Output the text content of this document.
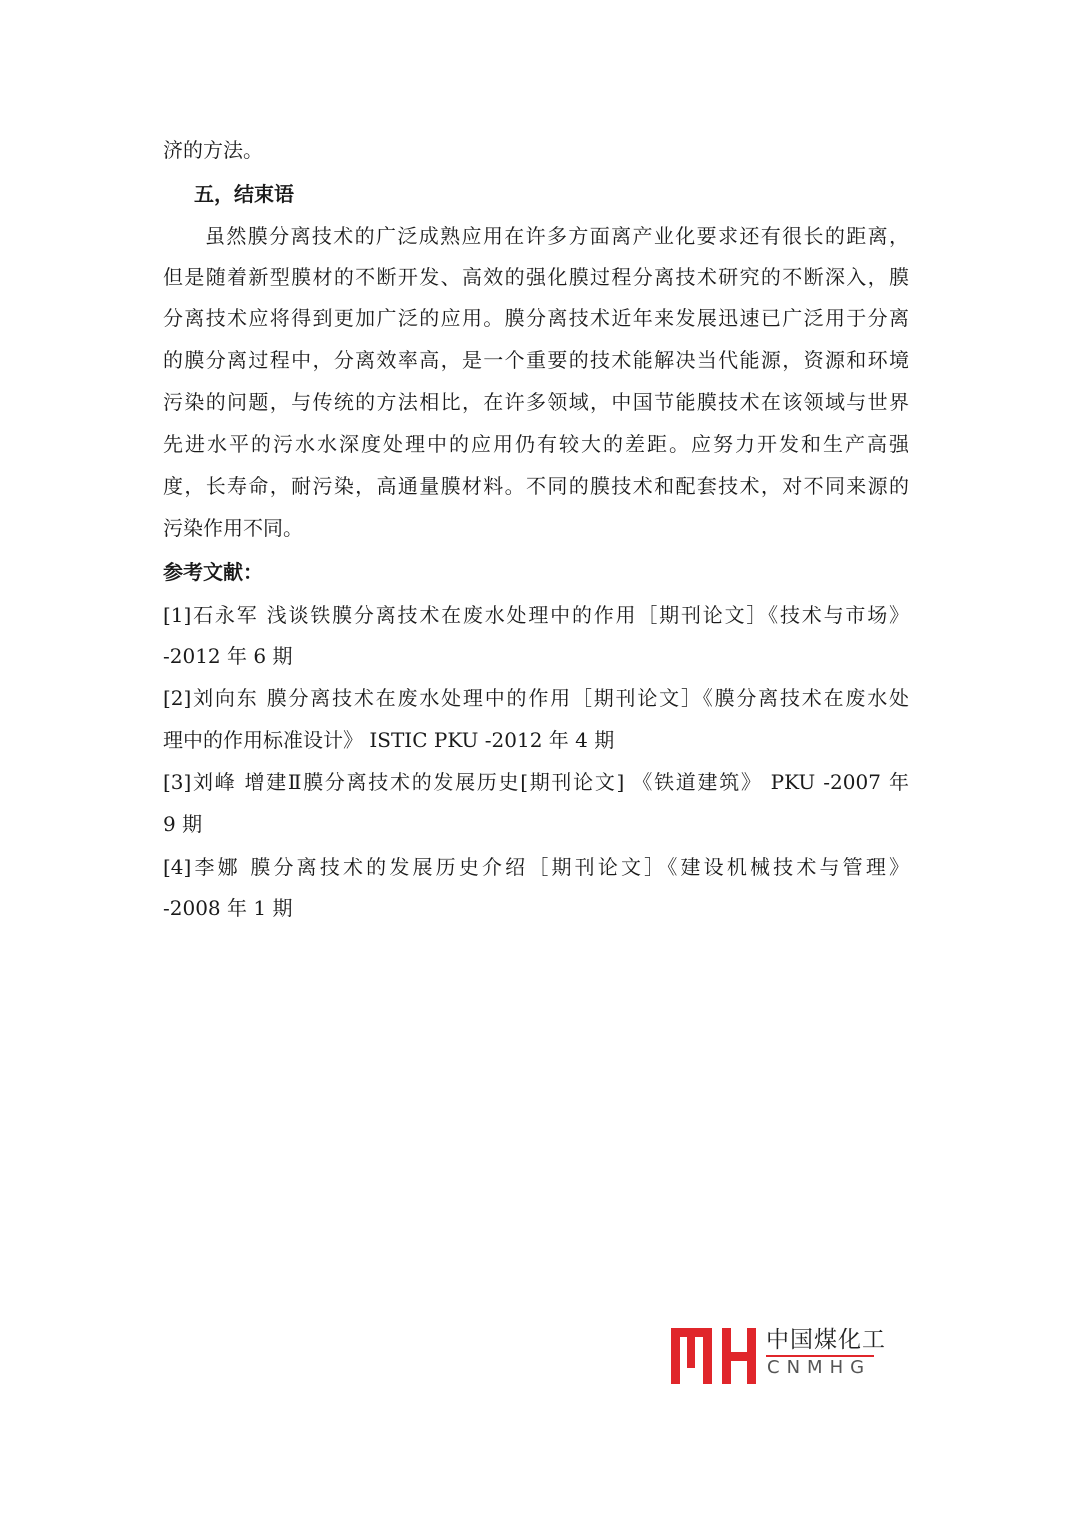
济的方法。
五，结束语
虽然膜分离技术的广泛成熟应用在许多方面离产业化要求还有很长的距离，
但是随着新型膜材的不断开发、高效的强化膜过程分离技术研究的不断深入，膜
分离技术应将得到更加广泛的应用。膜分离技术近年来发展迅速已广泛用于分离
的膜分离过程中，分离效率高，是一个重要的技术能解决当代能源，资源和环境
污染的问题，与传统的方法相比，在许多领域，中国节能膜技术在该领域与世界
先进水平的污水水深度处理中的应用仍有较大的差距。应努力开发和生产高强
度，长寿命，耐污染，高通量膜材料。不同的膜技术和配套技术，对不同来源的
污染作用不同。
参考文献：
[1]石永军 浅谈铁膜分离技术在废水处理中的作用［期刊论文］《技术与市场》
-2012 年 6 期
[2]刘向东 膜分离技术在废水处理中的作用［期刊论文］《膜分离技术在废水处
理中的作用标准设计》 ISTIC PKU -2012 年 4 期
[3]刘峰 增建Ⅱ膜分离技术的发展历史[期刊论文] 《铁道建筑》 PKU -2007 年
9 期
[4]李娜 膜分离技术的发展历史介绍［期刊论文］《建设机械技术与管理》
-2008 年 1 期
中国煤化工
CNMHG
